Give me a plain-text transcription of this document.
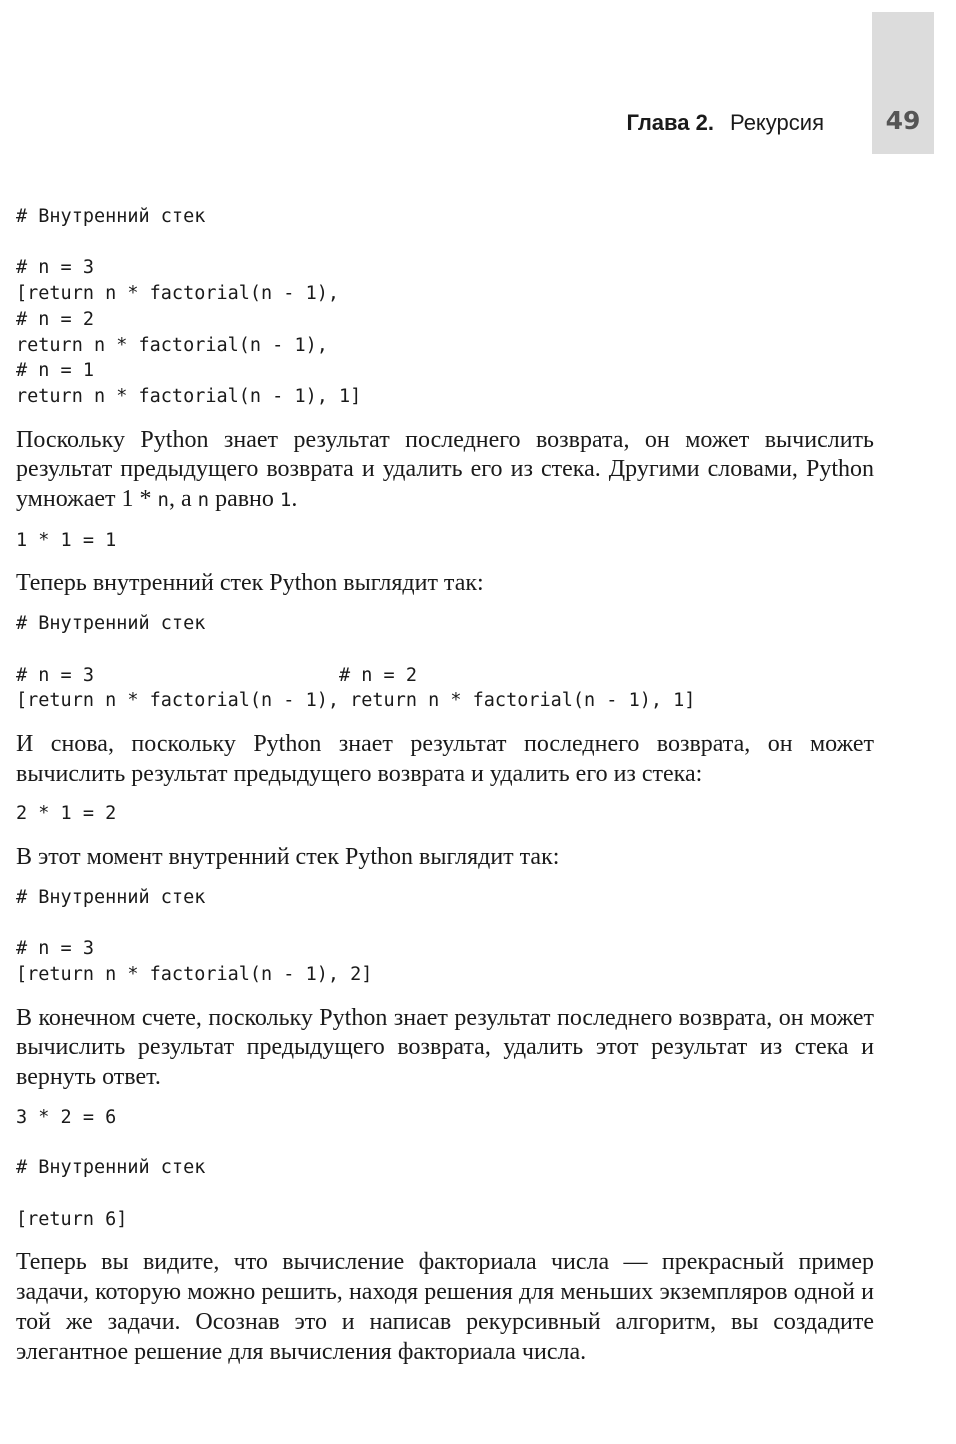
49
Глава 2. Рекурсия
# Внутренний стек
# n = 3
[return n * factorial(n - 1),
# n = 2
return n * factorial(n - 1),
# n = 1
return n * factorial(n - 1), 1]

Поскольку Python знает результат последнего возврата, он может вычислить результат предыдущего возврата и удалить его из стека. Другими словами, Python умножает 1 * n, а n равно 1.

1 * 1 = 1

Теперь внутренний стек Python выглядит так:

# Внутренний стек
# n = 3                      # n = 2
[return n * factorial(n - 1), return n * factorial(n - 1), 1]

И снова, поскольку Python знает результат последнего возврата, он может вычислить результат предыдущего возврата и удалить его из стека:

2 * 1 = 2

В этот момент внутренний стек Python выглядит так:

# Внутренний стек
# n = 3
[return n * factorial(n - 1), 2]

В конечном счете, поскольку Python знает результат последнего возврата, он может вычислить результат предыдущего возврата, удалить этот результат из стека и вернуть ответ.

3 * 2 = 6
# Внутренний стек
[return 6]

Теперь вы видите, что вычисление факториала числа — прекрасный пример задачи, которую можно решить, находя решения для меньших экземпляров одной и той же задачи. Осознав это и написав рекурсивный алгоритм, вы создадите элегантное решение для вычисления факториала числа.
